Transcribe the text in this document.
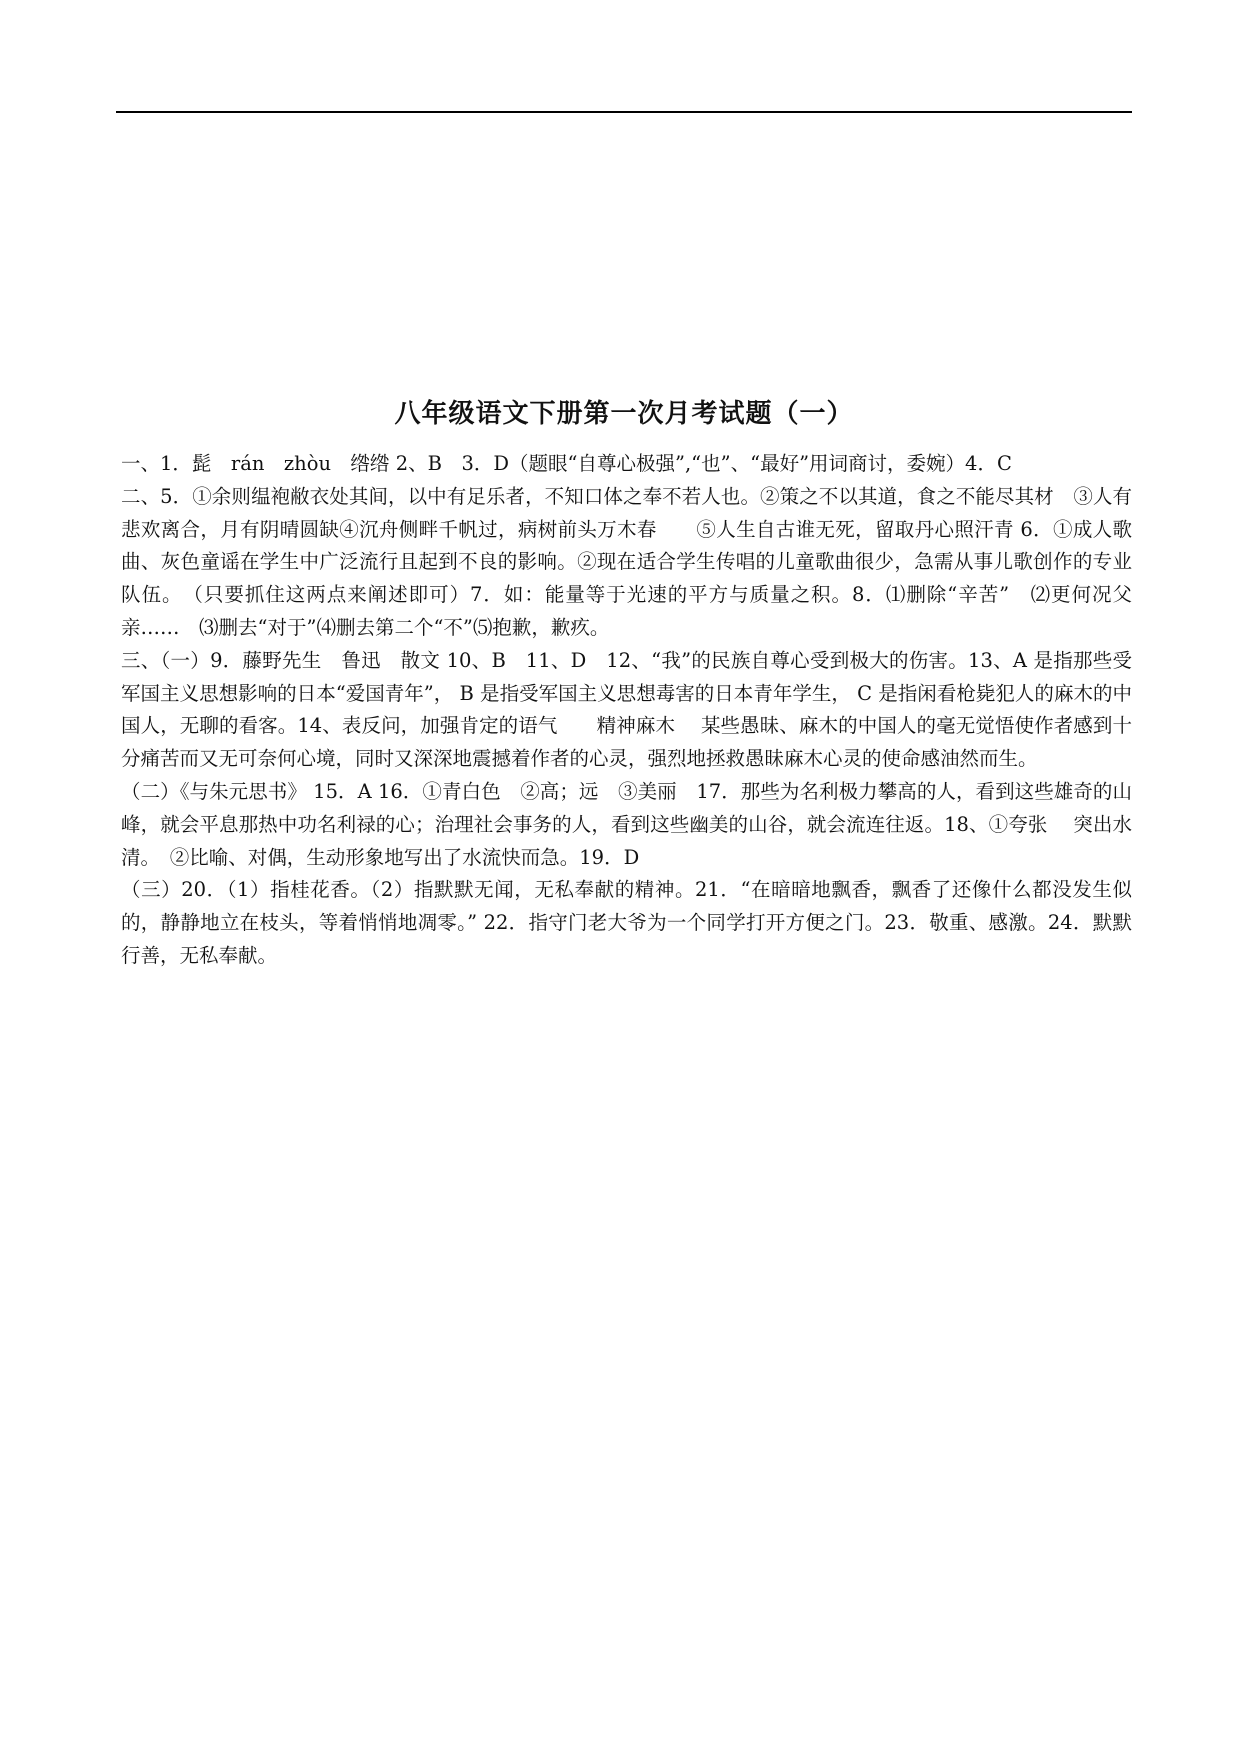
八年级语文下册第一次月考试题（一）

一、1．髭　rán　zhòu　绺绺 2、B　3．D（题眼“自尊心极强”,“也”、“最好”用词商讨，委婉）4．C

二、5．①余则缊袍敝衣处其间，以中有足乐者，不知口体之奉不若人也。②策之不以其道，食之不能尽其材　③人有悲欢离合，月有阴晴圆缺④沉舟侧畔千帆过，病树前头万木春　　⑤人生自古谁无死，留取丹心照汗青 6．①成人歌曲、灰色童谣在学生中广泛流行且起到不良的影响。②现在适合学生传唱的儿童歌曲很少，急需从事儿歌创作的专业队伍。　（只要抓住这两点来阐述即可）7．如：能量等于光速的平方与质量之积。8．⑴删除“辛苦”　⑵更何况父亲……　⑶删去“对于”⑷删去第二个“不”⑸抱歉，歉疚。

三、（一）9．藤野先生　鲁迅　散文 10、B　11、D　12、“我”的民族自尊心受到极大的伤害。13、A 是指那些受军国主义思想影响的日本“爱国青年”， B 是指受军国主义思想毒害的日本青年学生， C 是指闲看枪毙犯人的麻木的中国人，无聊的看客。14、表反问，加强肯定的语气　　精神麻木　 某些愚昧、麻木的中国人的毫无觉悟使作者感到十分痛苦而又无可奈何心境，同时又深深地震撼着作者的心灵，强烈地拯救愚昧麻木心灵的使命感油然而生。

（二）《与朱元思书》 15．A 16．①青白色　②高；远　③美丽　17．那些为名利极力攀高的人，看到这些雄奇的山峰，就会平息那热中功名利禄的心；治理社会事务的人，看到这些幽美的山谷，就会流连往返。18、①夸张　 突出水清。　②比喻、对偶，生动形象地写出了水流快而急。19．D

（三）20．（1）指桂花香。（2）指默默无闻，无私奉献的精神。21．“在暗暗地飘香，飘香了还像什么都没发生似的，静静地立在枝头，等着悄悄地凋零。” 22．指守门老大爷为一个同学打开方便之门。23．敬重、感激。24．默默行善，无私奉献。
